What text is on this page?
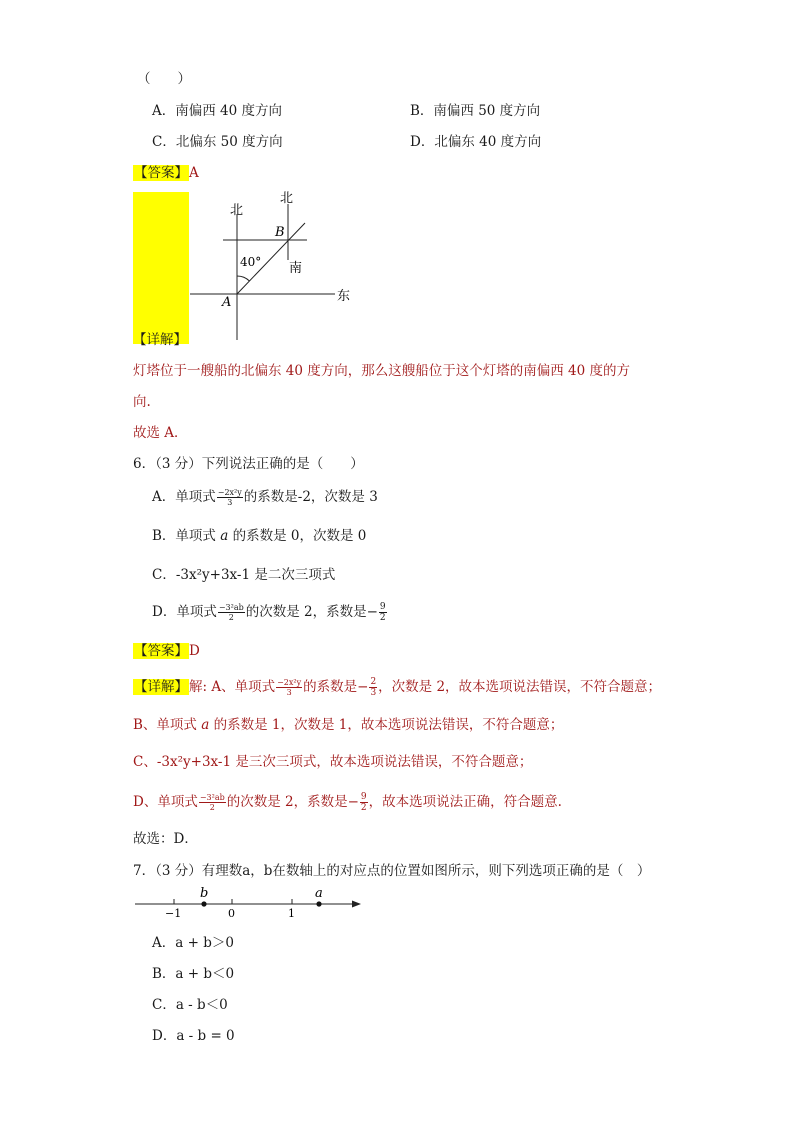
（　　）
A．南偏西 40 度方向	B．南偏西 50 度方向
C．北偏东 50 度方向	D．北偏东 40 度方向
【答案】A
【详解】
北
北
南
东
A
B
40°
灯塔位于一艘船的北偏东 40 度方向，那么这艘船位于这个灯塔的南偏西 40 度的方
向.
故选 A．
6．（3 分）下列说法正确的是（　　）
A．单项式 $\frac{\text{−2x²y}}{3}$ 的系数是-2，次数是 3
B．单项式 a 的系数是 0，次数是 0
C．-3x²y+3x-1 是二次三项式
D．单项式 $\frac{\text{−3²ab}}{2}$ 的次数是 2，系数是− $\frac{9}{2}$
【答案】D
【详解】解: A、单项式 $\frac{\text{−2x²y}}{3}$ 的系数是− $\frac{2}{3}$ ，次数是 2，故本选项说法错误，不符合题意；
B、单项式 a 的系数是 1，次数是 1，故本选项说法错误，不符合题意；
C、-3x²y+3x-1 是三次三项式，故本选项说法错误，不符合题意；
D、单项式 $\frac{\text{−3²ab}}{2}$ 的次数是 2，系数是− $\frac{9}{2}$ ，故本选项说法正确，符合题意.
故选：D．
7．（3 分）有理数a，b在数轴上的对应点的位置如图所示，则下列选项正确的是（　）
b	a
−1	0	1
A．a + b＞0
B．a + b＜0
C．a - b＜0
D．a - b = 0
